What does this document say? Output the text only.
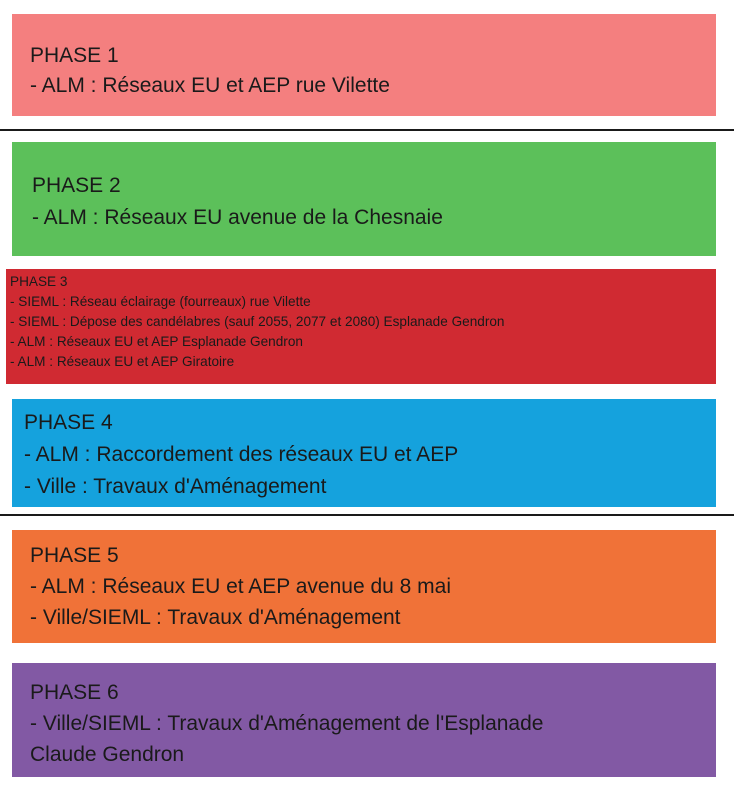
PHASE 1
- ALM : Réseaux EU et AEP rue Vilette
PHASE 2
- ALM : Réseaux EU avenue de la Chesnaie
PHASE 3
- SIEML : Réseau éclairage (fourreaux) rue Vilette
- SIEML : Dépose des candélabres (sauf 2055, 2077 et 2080) Esplanade Gendron
- ALM : Réseaux EU et AEP Esplanade Gendron
- ALM : Réseaux EU et AEP Giratoire
PHASE 4
- ALM : Raccordement des réseaux EU et AEP
- Ville : Travaux d'Aménagement
PHASE 5
- ALM : Réseaux EU et AEP avenue du 8 mai
- Ville/SIEML : Travaux d'Aménagement
PHASE 6
- Ville/SIEML : Travaux d'Aménagement de l'Esplanade
Claude Gendron
